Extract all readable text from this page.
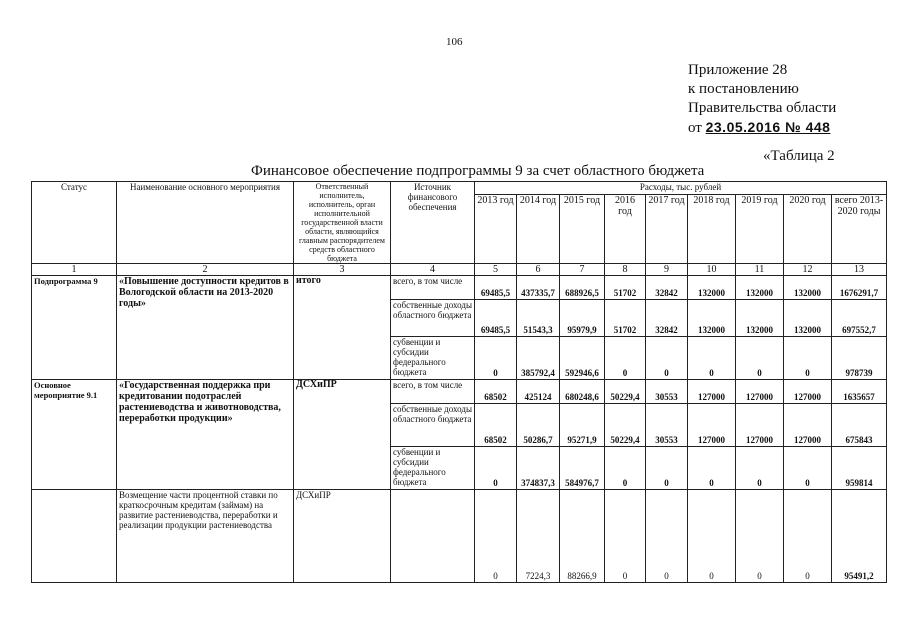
106
Приложение 28
к постановлению
Правительства области
от 23.05.2016 № 448
«Таблица 2
Финансовое обеспечение подпрограммы 9 за счет областного бюджета
Статус	Наименование основного мероприятия	Ответственный исполнитель, исполнитель, орган исполнительной государственной власти области, являющийся главным распорядителем средств областного бюджета	Источник финансового обеспечения	Расходы, тыс. рублей								
				2013 год	2014 год	2015 год	2016 год	2017 год	2018 год	2019 год	2020 год	всего 2013-2020 годы
1	2	3	4	5	6	7	8	9	10	11	12	13
Подпрограмма 9	«Повышение доступности кредитов в Вологодской области на 2013-2020 годы»	итого	всего, в том числе	69485,5	437335,7	688926,5	51702	32842	132000	132000	132000	1676291,7
			собственные доходы областного бюджета	69485,5	51543,3	95979,9	51702	32842	132000	132000	132000	697552,7
			субвенции и субсидии федерального бюджета	0	385792,4	592946,6	0	0	0	0	0	978739
Основное мероприятие 9.1	«Государственная поддержка при кредитовании подотраслей растениеводства и животноводства, переработки продукции»	ДСХиПР	всего, в том числе	68502	425124	680248,6	50229,4	30553	127000	127000	127000	1635657
			собственные доходы областного бюджета	68502	50286,7	95271,9	50229,4	30553	127000	127000	127000	675843
			субвенции и субсидии федерального бюджета	0	374837,3	584976,7	0	0	0	0	0	959814
	Возмещение части процентной ставки по краткосрочным кредитам (займам) на развитие растениеводства, переработки и реализации продукции растениеводства	ДСХиПР		0	7224,3	88266,9	0	0	0	0	0	95491,2
